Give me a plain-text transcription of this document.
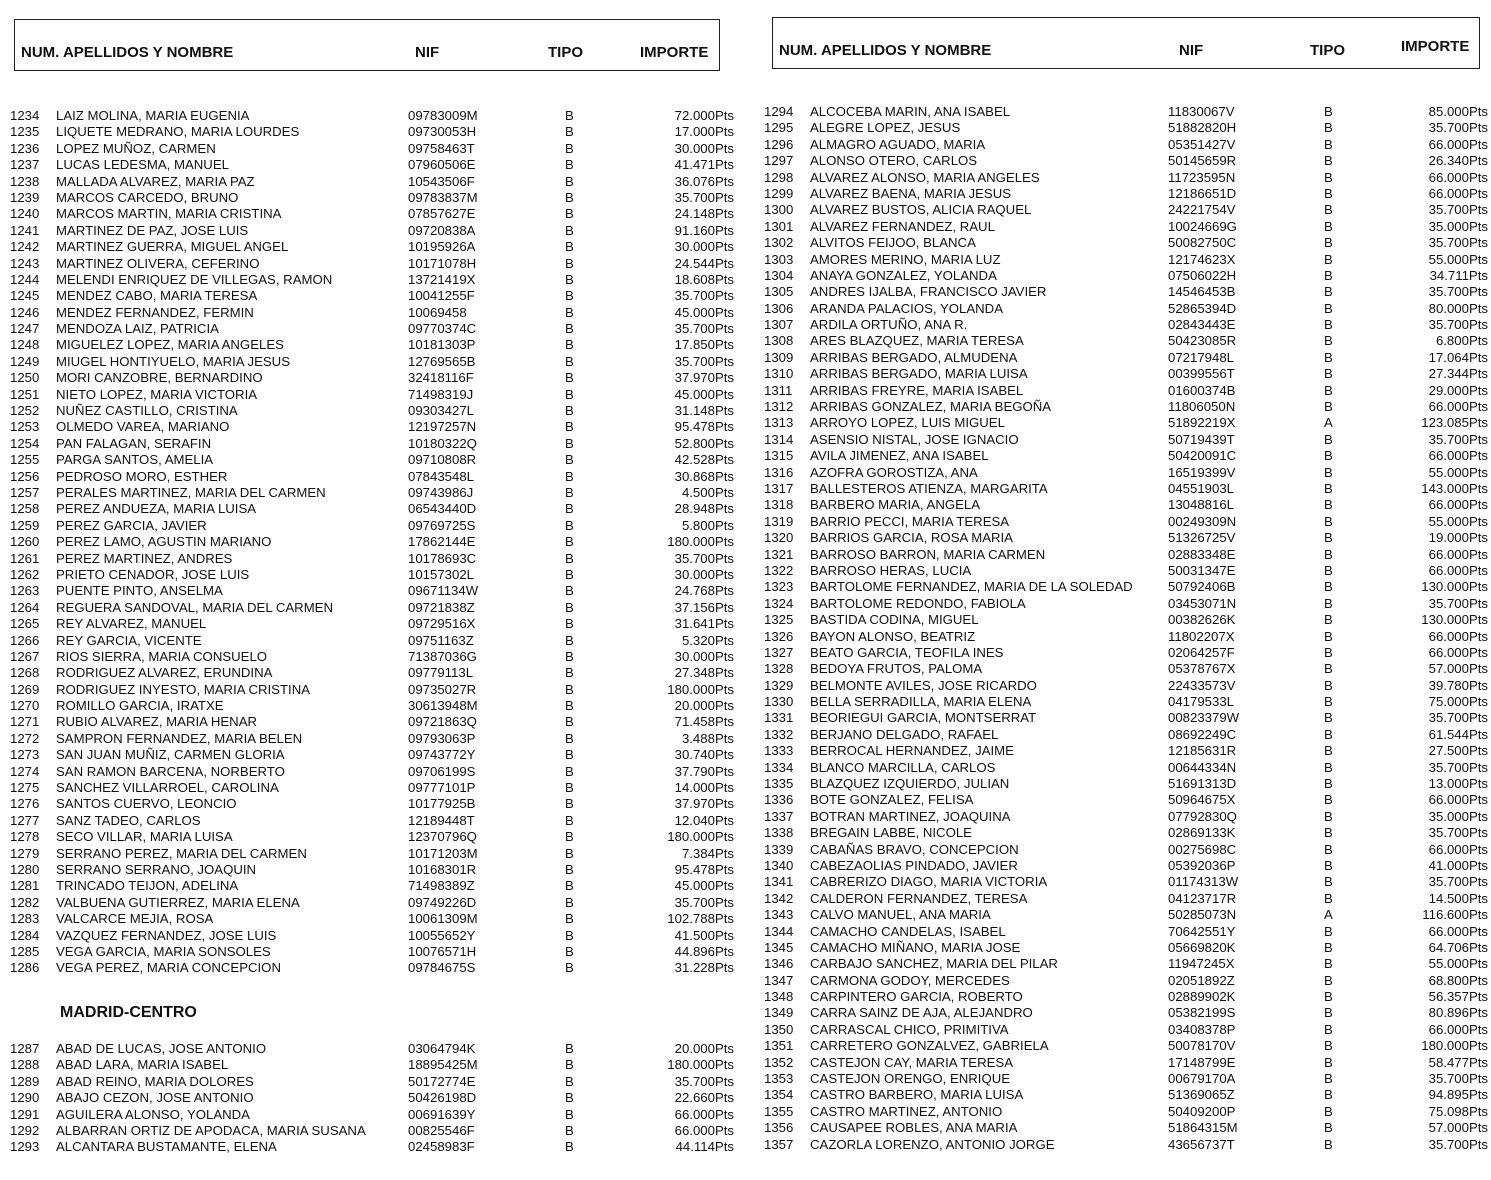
NUM. APELLIDOS Y NOMBRE	NIF	TIPO	IMPORTE
1234 LAIZ MOLINA, MARIA EUGENIA	09783009M	B	72.000Pts
1235 LIQUETE MEDRANO, MARIA LOURDES	09730053H	B	17.000Pts
1236 LOPEZ MUÑOZ, CARMEN	09758463T	B	30.000Pts
1237 LUCAS LEDESMA, MANUEL	07960506E	B	41.471Pts
1238 MALLADA ALVAREZ, MARIA PAZ	10543506F	B	36.076Pts
1239 MARCOS CARCEDO, BRUNO	09783837M	B	35.700Pts
1240 MARCOS MARTIN, MARIA CRISTINA	07857627E	B	24.148Pts
1241 MARTINEZ DE PAZ, JOSE LUIS	09720838A	B	91.160Pts
1242 MARTINEZ GUERRA, MIGUEL ANGEL	10195926A	B	30.000Pts
1243 MARTINEZ OLIVERA, CEFERINO	10171078H	B	24.544Pts
1244 MELENDI ENRIQUEZ DE VILLEGAS, RAMON	13721419X	B	18.608Pts
1245 MENDEZ CABO, MARIA TERESA	10041255F	B	35.700Pts
1246 MENDEZ FERNANDEZ, FERMIN	10069458	B	45.000Pts
1247 MENDOZA LAIZ, PATRICIA	09770374C	B	35.700Pts
1248 MIGUELEZ LOPEZ, MARIA ANGELES	10181303P	B	17.850Pts
1249 MIUGEL HONTIYUELO, MARIA JESUS	12769565B	B	35.700Pts
1250 MORI CANZOBRE, BERNARDINO	32418116F	B	37.970Pts
1251 NIETO LOPEZ, MARIA VICTORIA	71498319J	B	45.000Pts
1252 NUÑEZ CASTILLO, CRISTINA	09303427L	B	31.148Pts
1253 OLMEDO VAREA, MARIANO	12197257N	B	95.478Pts
1254 PAN FALAGAN, SERAFIN	10180322Q	B	52.800Pts
1255 PARGA SANTOS, AMELIA	09710808R	B	42.528Pts
1256 PEDROSO MORO, ESTHER	07843548L	B	30.868Pts
1257 PERALES MARTINEZ, MARIA DEL CARMEN	09743986J	B	4.500Pts
1258 PEREZ ANDUEZA, MARIA LUISA	06543440D	B	28.948Pts
1259 PEREZ GARCIA, JAVIER	09769725S	B	5.800Pts
1260 PEREZ LAMO, AGUSTIN MARIANO	17862144E	B	180.000Pts
1261 PEREZ MARTINEZ, ANDRES	10178693C	B	35.700Pts
1262 PRIETO CENADOR, JOSE LUIS	10157302L	B	30.000Pts
1263 PUENTE PINTO, ANSELMA	09671134W	B	24.768Pts
1264 REGUERA SANDOVAL, MARIA DEL CARMEN	09721838Z	B	37.156Pts
1265 REY ALVAREZ, MANUEL	09729516X	B	31.641Pts
1266 REY GARCIA, VICENTE	09751163Z	B	5.320Pts
1267 RIOS SIERRA, MARIA CONSUELO	71387036G	B	30.000Pts
1268 RODRIGUEZ ALVAREZ, ERUNDINA	09779113L	B	27.348Pts
1269 RODRIGUEZ INYESTO, MARIA CRISTINA	09735027R	B	180.000Pts
1270 ROMILLO GARCIA, IRATXE	30613948M	B	20.000Pts
1271 RUBIO ALVAREZ, MARIA HENAR	09721863Q	B	71.458Pts
1272 SAMPRON FERNANDEZ, MARIA BELEN	09793063P	B	3.488Pts
1273 SAN JUAN MUÑIZ, CARMEN GLORIA	09743772Y	B	30.740Pts
1274 SAN RAMON BARCENA, NORBERTO	09706199S	B	37.790Pts
1275 SANCHEZ VILLARROEL, CAROLINA	09777101P	B	14.000Pts
1276 SANTOS CUERVO, LEONCIO	10177925B	B	37.970Pts
1277 SANZ TADEO, CARLOS	12189448T	B	12.040Pts
1278 SECO VILLAR, MARIA LUISA	12370796Q	B	180.000Pts
1279 SERRANO PEREZ, MARIA DEL CARMEN	10171203M	B	7.384Pts
1280 SERRANO SERRANO, JOAQUIN	10168301R	B	95.478Pts
1281 TRINCADO TEIJON, ADELINA	71498389Z	B	45.000Pts
1282 VALBUENA GUTIERREZ, MARIA ELENA	09749226D	B	35.700Pts
1283 VALCARCE MEJIA, ROSA	10061309M	B	102.788Pts
1284 VAZQUEZ FERNANDEZ, JOSE LUIS	10055652Y	B	41.500Pts
1285 VEGA GARCIA, MARIA SONSOLES	10076571H	B	44.896Pts
1286 VEGA PEREZ, MARIA CONCEPCION	09784675S	B	31.228Pts
1287 ABAD DE LUCAS, JOSE ANTONIO	03064794K	B	20.000Pts
1288 ABAD LARA, MARIA ISABEL	18895425M	B	180.000Pts
1289 ABAD REINO, MARIA DOLORES	50172774E	B	35.700Pts
1290 ABAJO CEZON, JOSE ANTONIO	50426198D	B	22.660Pts
1291 AGUILERA ALONSO, YOLANDA	00691639Y	B	66.000Pts
1292 ALBARRAN ORTIZ DE APODACA, MARIA SUSANA	00825546F	B	66.000Pts
1293 ALCANTARA BUSTAMANTE, ELENA	02458983F	B	44.114Pts
MADRID-CENTRO
NUM. APELLIDOS Y NOMBRE	NIF	TIPO	IMPORTE
1294 ALCOCEBA MARIN, ANA ISABEL	11830067V	B	85.000Pts
1295 ALEGRE LOPEZ, JESUS	51882820H	B	35.700Pts
1296 ALMAGRO AGUADO, MARIA	05351427V	B	66.000Pts
1297 ALONSO OTERO, CARLOS	50145659R	B	26.340Pts
1298 ALVAREZ ALONSO, MARIA ANGELES	11723595N	B	66.000Pts
1299 ALVAREZ BAENA, MARIA JESUS	12186651D	B	66.000Pts
1300 ALVAREZ BUSTOS, ALICIA RAQUEL	24221754V	B	35.700Pts
1301 ALVAREZ FERNANDEZ, RAUL	10024669G	B	35.000Pts
1302 ALVITOS FEIJOO, BLANCA	50082750C	B	35.700Pts
1303 AMORES MERINO, MARIA LUZ	12174623X	B	55.000Pts
1304 ANAYA GONZALEZ, YOLANDA	07506022H	B	34.711Pts
1305 ANDRES IJALBA, FRANCISCO JAVIER	14546453B	B	35.700Pts
1306 ARANDA PALACIOS, YOLANDA	52865394D	B	80.000Pts
1307 ARDILA ORTUÑO, ANA R.	02843443E	B	35.700Pts
1308 ARES BLAZQUEZ, MARIA TERESA	50423085R	B	6.800Pts
1309 ARRIBAS BERGADO, ALMUDENA	07217948L	B	17.064Pts
1310 ARRIBAS BERGADO, MARIA LUISA	00399556T	B	27.344Pts
1311 ARRIBAS FREYRE, MARIA ISABEL	01600374B	B	29.000Pts
1312 ARRIBAS GONZALEZ, MARIA BEGOÑA	11806050N	B	66.000Pts
1313 ARROYO LOPEZ, LUIS MIGUEL	51892219X	A	123.085Pts
1314 ASENSIO NISTAL, JOSE IGNACIO	50719439T	B	35.700Pts
1315 AVILA JIMENEZ, ANA ISABEL	50420091C	B	66.000Pts
1316 AZOFRA GOROSTIZA, ANA	16519399V	B	55.000Pts
1317 BALLESTEROS ATIENZA, MARGARITA	04551903L	B	143.000Pts
1318 BARBERO MARIA, ANGELA	13048816L	B	66.000Pts
1319 BARRIO PECCI, MARIA TERESA	00249309N	B	55.000Pts
1320 BARRIOS GARCIA, ROSA MARIA	51326725V	B	19.000Pts
1321 BARROSO BARRON, MARIA CARMEN	02883348E	B	66.000Pts
1322 BARROSO HERAS, LUCIA	50031347E	B	66.000Pts
1323 BARTOLOME FERNANDEZ, MARIA DE LA SOLEDAD	50792406B	B	130.000Pts
1324 BARTOLOME REDONDO, FABIOLA	03453071N	B	35.700Pts
1325 BASTIDA CODINA, MIGUEL	00382626K	B	130.000Pts
1326 BAYON ALONSO, BEATRIZ	11802207X	B	66.000Pts
1327 BEATO GARCIA, TEOFILA INES	02064257F	B	66.000Pts
1328 BEDOYA FRUTOS, PALOMA	05378767X	B	57.000Pts
1329 BELMONTE AVILES, JOSE RICARDO	22433573V	B	39.780Pts
1330 BELLA SERRADILLA, MARIA ELENA	04179533L	B	75.000Pts
1331 BEORIEGUI GARCIA, MONTSERRAT	00823379W	B	35.700Pts
1332 BERJANO DELGADO, RAFAEL	08692249C	B	61.544Pts
1333 BERROCAL HERNANDEZ, JAIME	12185631R	B	27.500Pts
1334 BLANCO MARCILLA, CARLOS	00644334N	B	35.700Pts
1335 BLAZQUEZ IZQUIERDO, JULIAN	51691313D	B	13.000Pts
1336 BOTE GONZALEZ, FELISA	50964675X	B	66.000Pts
1337 BOTRAN MARTINEZ, JOAQUINA	07792830Q	B	35.000Pts
1338 BREGAIN LABBE, NICOLE	02869133K	B	35.700Pts
1339 CABAÑAS BRAVO, CONCEPCION	00275698C	B	66.000Pts
1340 CABEZAOLIAS PINDADO, JAVIER	05392036P	B	41.000Pts
1341 CABRERIZO DIAGO, MARIA VICTORIA	01174313W	B	35.700Pts
1342 CALDERON FERNANDEZ, TERESA	04123717R	B	14.500Pts
1343 CALVO MANUEL, ANA MARIA	50285073N	A	116.600Pts
1344 CAMACHO CANDELAS, ISABEL	70642551Y	B	66.000Pts
1345 CAMACHO MIÑANO, MARIA JOSE	05669820K	B	64.706Pts
1346 CARBAJO SANCHEZ, MARIA DEL PILAR	11947245X	B	55.000Pts
1347 CARMONA GODOY, MERCEDES	02051892Z	B	68.800Pts
1348 CARPINTERO GARCIA, ROBERTO	02889902K	B	56.357Pts
1349 CARRA SAINZ DE AJA, ALEJANDRO	05382199S	B	80.896Pts
1350 CARRASCAL CHICO, PRIMITIVA	03408378P	B	66.000Pts
1351 CARRETERO GONZALVEZ, GABRIELA	50078170V	B	180.000Pts
1352 CASTEJON CAY, MARIA TERESA	17148799E	B	58.477Pts
1353 CASTEJON ORENGO, ENRIQUE	00679170A	B	35.700Pts
1354 CASTRO BARBERO, MARIA LUISA	51369065Z	B	94.895Pts
1355 CASTRO MARTINEZ, ANTONIO	50409200P	B	75.098Pts
1356 CAUSAPEE ROBLES, ANA MARIA	51864315M	B	57.000Pts
1357 CAZORLA LORENZO, ANTONIO JORGE	43656737T	B	35.700Pts
